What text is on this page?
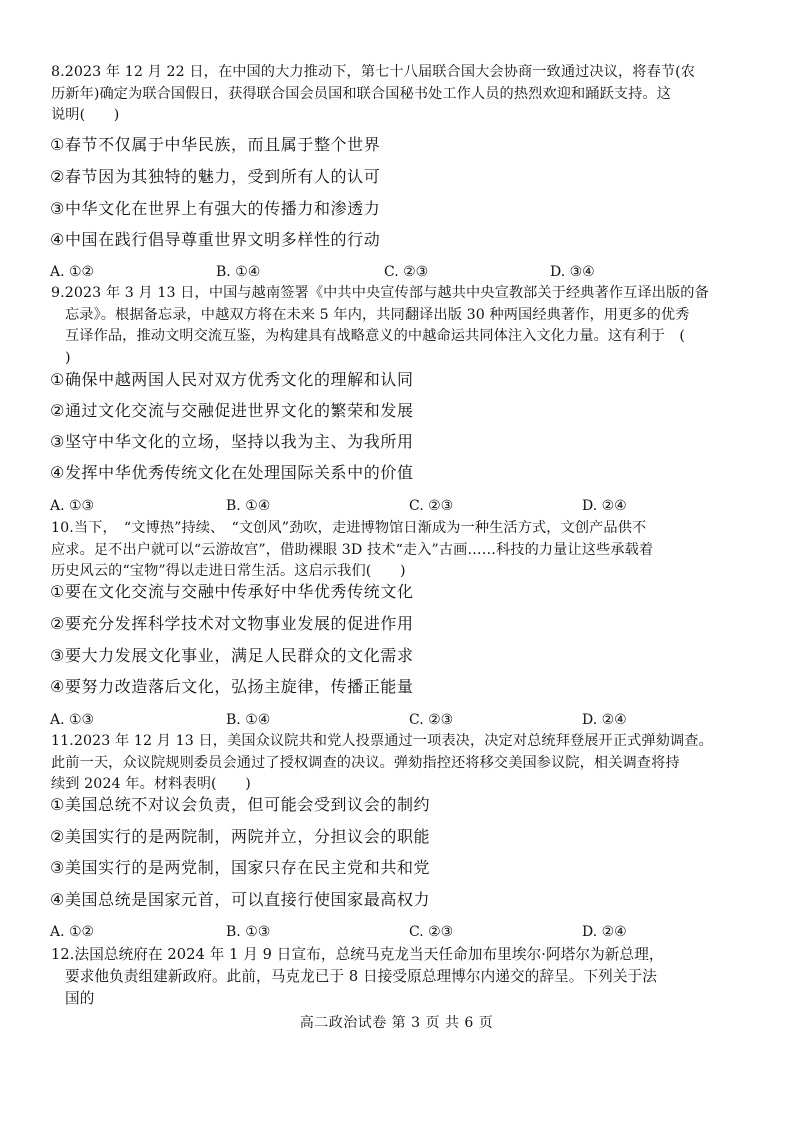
8.2023 年 12 月 22 日，在中国的大力推动下，第七十八届联合国大会协商一致通过决议，将春节(农
历新年)确定为联合国假日，获得联合国会员国和联合国秘书处工作人员的热烈欢迎和踊跃支持。这
说明(　　)
①春节不仅属于中华民族，而且属于整个世界
②春节因为其独特的魅力，受到所有人的认可
③中华文化在世界上有强大的传播力和渗透力
④中国在践行倡导尊重世界文明多样性的行动
A. ①②	B. ①④	C. ②③	D. ③④
9.2023 年 3 月 13 日，中国与越南签署《中共中央宣传部与越共中央宣教部关于经典著作互译出版的备
忘录》。根据备忘录，中越双方将在未来 5 年内，共同翻译出版 30 种两国经典著作，用更多的优秀
互译作品，推动文明交流互鉴，为构建具有战略意义的中越命运共同体注入文化力量。这有利于　(
)
①确保中越两国人民对双方优秀文化的理解和认同
②通过文化交流与交融促进世界文化的繁荣和发展
③坚守中华文化的立场，坚持以我为主、为我所用
④发挥中华优秀传统文化在处理国际关系中的价值
A. ①③	B. ①④	C. ②③	D. ②④
10.当下，　“文博热”持续、　“文创风”劲吹，走进博物馆日渐成为一种生活方式，文创产品供不
应求。足不出户就可以“云游故宫”，借助裸眼 3D 技术“走入”古画……科技的力量让这些承载着
历史风云的“宝物”得以走进日常生活。这启示我们(　　)
①要在文化交流与交融中传承好中华优秀传统文化
②要充分发挥科学技术对文物事业发展的促进作用
③要大力发展文化事业，满足人民群众的文化需求
④要努力改造落后文化，弘扬主旋律，传播正能量
A. ①③	B. ①④	C. ②③	D. ②④
11.2023 年 12 月 13 日，美国众议院共和党人投票通过一项表决，决定对总统拜登展开正式弹劾调查。
此前一天，众议院规则委员会通过了授权调查的决议。弹劾指控还将移交美国参议院，相关调查将持
续到 2024 年。材料表明(　　)
①美国总统不对议会负责，但可能会受到议会的制约
②美国实行的是两院制，两院并立，分担议会的职能
③美国实行的是两党制，国家只存在民主党和共和党
④美国总统是国家元首，可以直接行使国家最高权力
A. ①②	B. ①③	C. ②③	D. ②④
12.法国总统府在 2024 年 1 月 9 日宣布，总统马克龙当天任命加布里埃尔·阿塔尔为新总理，
要求他负责组建新政府。此前，马克龙已于 8 日接受原总理博尔内递交的辞呈。下列关于法
国的
高二政治试卷 第 3 页 共 6 页
